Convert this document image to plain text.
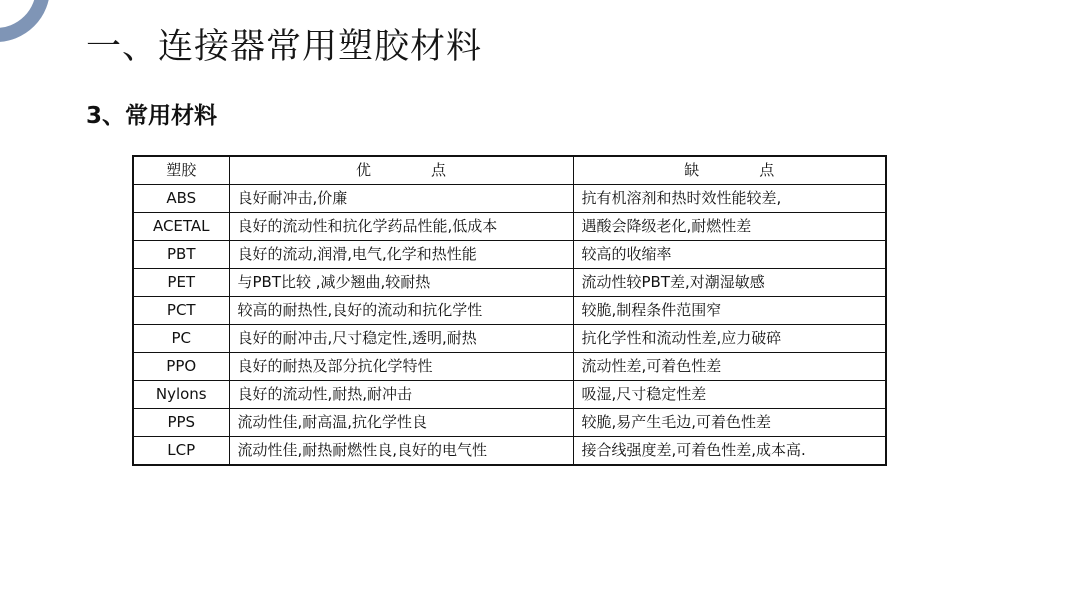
一、连接器常用塑胶材料
3、常用材料
塑胶	优　　　　点	缺　　　　点
ABS	良好耐冲击,价廉	抗有机溶剂和热时效性能较差,
ACETAL	良好的流动性和抗化学药品性能,低成本	遇酸会降级老化,耐燃性差
PBT	良好的流动,润滑,电气,化学和热性能	较高的收缩率
PET	与PBT比较 ,减少翘曲,较耐热	流动性较PBT差,对潮湿敏感
PCT	较高的耐热性,良好的流动和抗化学性	较脆,制程条件范围窄
PC	良好的耐冲击,尺寸稳定性,透明,耐热	抗化学性和流动性差,应力破碎
PPO	良好的耐热及部分抗化学特性	流动性差,可着色性差
Nylons	良好的流动性,耐热,耐冲击	吸湿,尺寸稳定性差
PPS	流动性佳,耐高温,抗化学性良	较脆,易产生毛边,可着色性差
LCP	流动性佳,耐热耐燃性良,良好的电气性	接合线强度差,可着色性差,成本高.
